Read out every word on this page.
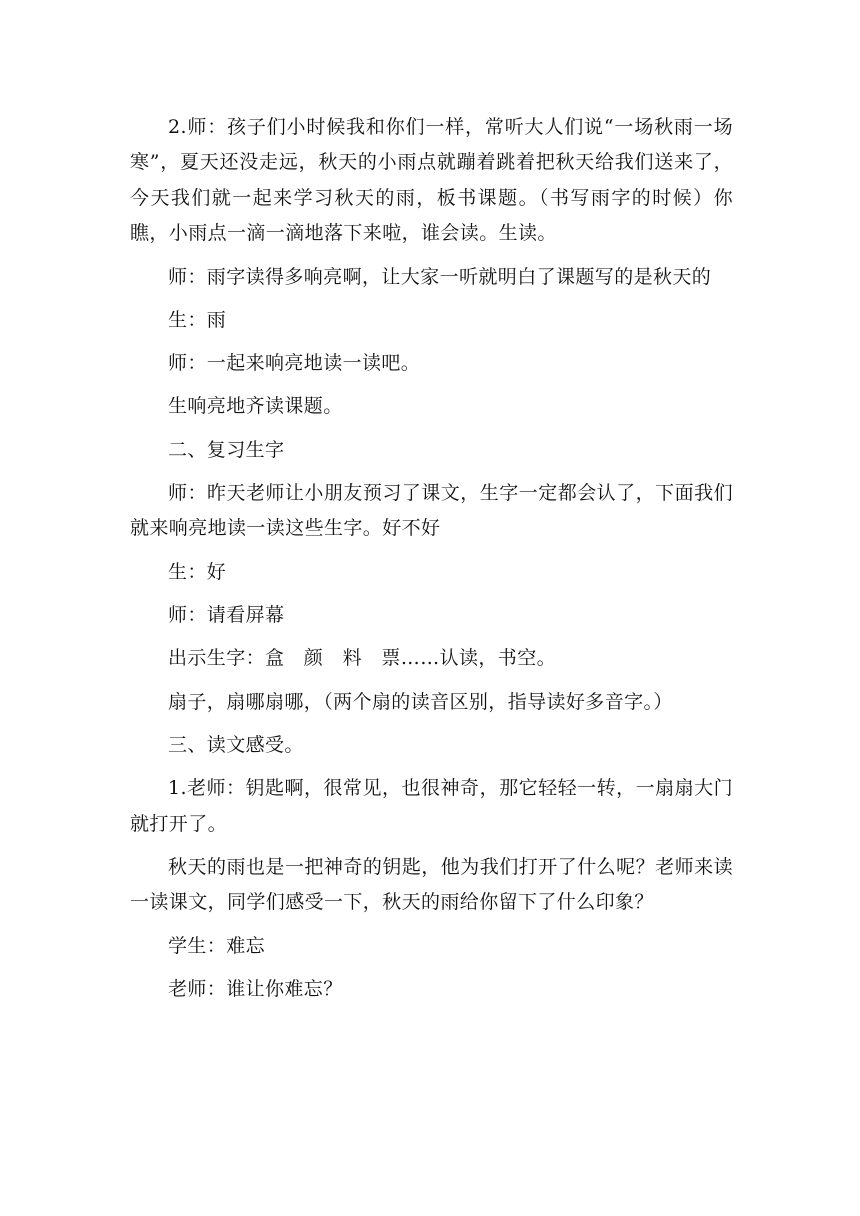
2.师：孩子们小时候我和你们一样，常听大人们说“一场秋雨一场寒”，夏天还没走远，秋天的小雨点就蹦着跳着把秋天给我们送来了，今天我们就一起来学习秋天的雨，板书课题。（书写雨字的时候）你瞧，小雨点一滴一滴地落下来啦，谁会读。生读。

师：雨字读得多响亮啊，让大家一听就明白了课题写的是秋天的

生：雨

师：一起来响亮地读一读吧。

生响亮地齐读课题。

二、复习生字

师：昨天老师让小朋友预习了课文，生字一定都会认了，下面我们就来响亮地读一读这些生字。好不好

生：好

师：请看屏幕

出示生字：盒　颜　料　票……认读，书空。

扇子，扇哪扇哪，（两个扇的读音区别，指导读好多音字。）

三、读文感受。

1.老师：钥匙啊，很常见，也很神奇，那它轻轻一转，一扇扇大门就打开了。

秋天的雨也是一把神奇的钥匙，他为我们打开了什么呢？老师来读一读课文，同学们感受一下，秋天的雨给你留下了什么印象？

学生：难忘

老师：谁让你难忘？
